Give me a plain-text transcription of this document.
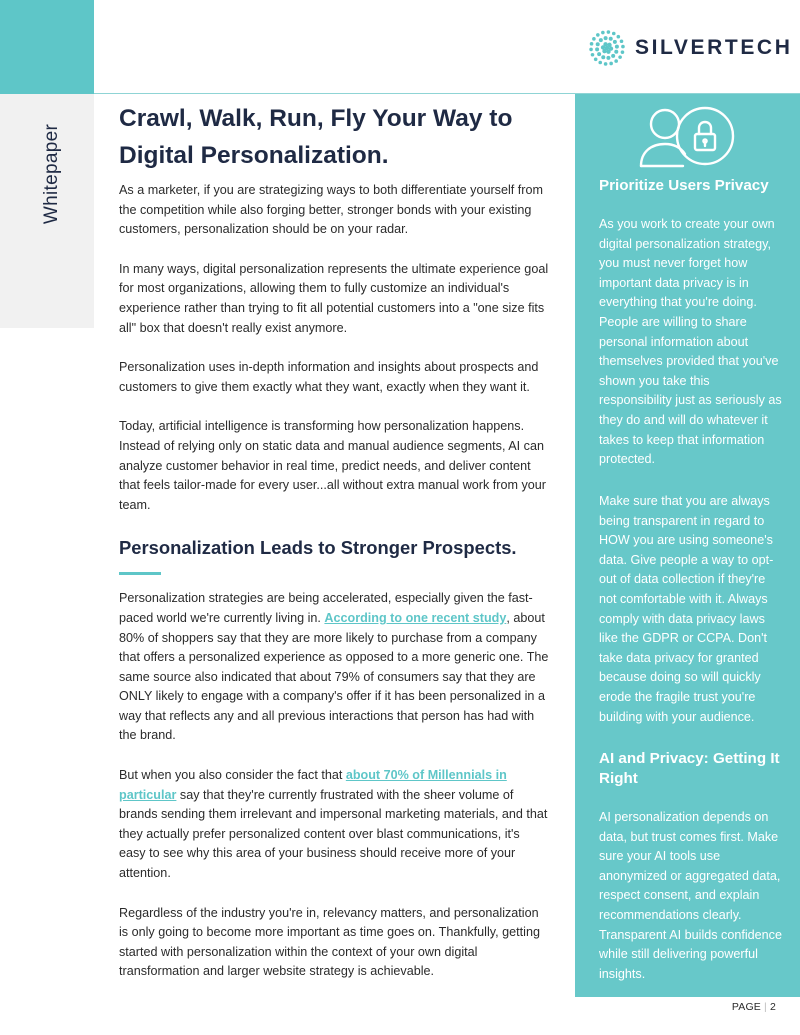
Whitepaper
SILVERTECH
Crawl, Walk, Run, Fly Your Way to Digital Personalization.

As a marketer, if you are strategizing ways to both differentiate yourself from the competition while also forging better, stronger bonds with your existing customers, personalization should be on your radar.

In many ways, digital personalization represents the ultimate experience goal for most organizations, allowing them to fully customize an individual's experience rather than trying to fit all potential customers into a "one size fits all" box that doesn't really exist anymore.

Personalization uses in-depth information and insights about prospects and customers to give them exactly what they want, exactly when they want it.

Today, artificial intelligence is transforming how personalization happens. Instead of relying only on static data and manual audience segments, AI can analyze customer behavior in real time, predict needs, and deliver content that feels tailor-made for every user...all without extra manual work from your team.

Personalization Leads to Stronger Prospects.

Personalization strategies are being accelerated, especially given the fast-paced world we're currently living in. According to one recent study, about 80% of shoppers say that they are more likely to purchase from a company that offers a personalized experience as opposed to a more generic one. The same source also indicated that about 79% of consumers say that they are ONLY likely to engage with a company's offer if it has been personalized in a way that reflects any and all previous interactions that person has had with the brand.

But when you also consider the fact that about 70% of Millennials in particular say that they're currently frustrated with the sheer volume of brands sending them irrelevant and impersonal marketing materials, and that they actually prefer personalized content over blast communications, it's easy to see why this area of your business should receive more of your attention.

Regardless of the industry you're in, relevancy matters, and personalization is only going to become more important as time goes on. Thankfully, getting started with personalization within the context of your own digital transformation and larger website strategy is achievable.

Prioritize Users Privacy
As you work to create your own digital personalization strategy, you must never forget how important data privacy is in everything that you're doing. People are willing to share personal information about themselves provided that you've shown you take this responsibility just as seriously as they do and will do whatever it takes to keep that information protected.
Make sure that you are always being transparent in regard to HOW you are using someone's data. Give people a way to opt-out of data collection if they're not comfortable with it. Always comply with data privacy laws like the GDPR or CCPA. Don't take data privacy for granted because doing so will quickly erode the fragile trust you're building with your audience.
AI and Privacy: Getting It Right
AI personalization depends on data, but trust comes first. Make sure your AI tools use anonymized or aggregated data, respect consent, and explain recommendations clearly. Transparent AI builds confidence while still delivering powerful insights.
PAGE | 2
